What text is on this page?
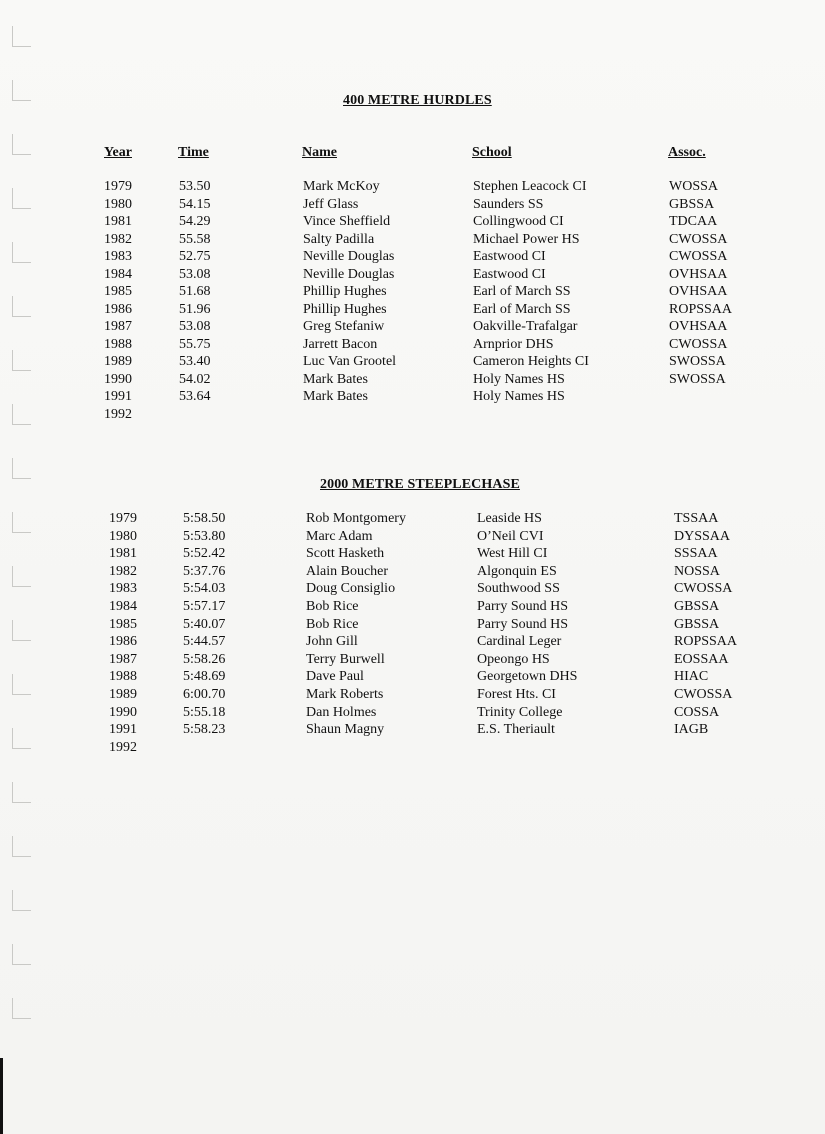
400 METRE HURDLES
Year	Time	Name	School	Assoc.
1979	53.50	Mark McKoy	Stephen Leacock CI	WOSSA
1980	54.15	Jeff Glass	Saunders SS	GBSSA
1981	54.29	Vince Sheffield	Collingwood CI	TDCAA
1982	55.58	Salty Padilla	Michael Power HS	CWOSSA
1983	52.75	Neville Douglas	Eastwood CI	CWOSSA
1984	53.08	Neville Douglas	Eastwood CI	OVHSAA
1985	51.68	Phillip Hughes	Earl of March SS	OVHSAA
1986	51.96	Phillip Hughes	Earl of March SS	ROPSSAA
1987	53.08	Greg Stefaniw	Oakville-Trafalgar	OVHSAA
1988	55.75	Jarrett Bacon	Arnprior DHS	CWOSSA
1989	53.40	Luc Van Grootel	Cameron Heights CI	SWOSSA
1990	54.02	Mark Bates	Holy Names HS	SWOSSA
1991	53.64	Mark Bates	Holy Names HS
1992
2000 METRE STEEPLECHASE
1979	5:58.50	Rob Montgomery	Leaside HS	TSSAA
1980	5:53.80	Marc Adam	O’Neil CVI	DYSSAA
1981	5:52.42	Scott Hasketh	West Hill CI	SSSAA
1982	5:37.76	Alain Boucher	Algonquin ES	NOSSA
1983	5:54.03	Doug Consiglio	Southwood SS	CWOSSA
1984	5:57.17	Bob Rice	Parry Sound HS	GBSSA
1985	5:40.07	Bob Rice	Parry Sound HS	GBSSA
1986	5:44.57	John Gill	Cardinal Leger	ROPSSAA
1987	5:58.26	Terry Burwell	Opeongo HS	EOSSAA
1988	5:48.69	Dave Paul	Georgetown DHS	HIAC
1989	6:00.70	Mark Roberts	Forest Hts. CI	CWOSSA
1990	5:55.18	Dan Holmes	Trinity College	COSSA
1991	5:58.23	Shaun Magny	E.S. Theriault	IAGB
1992
